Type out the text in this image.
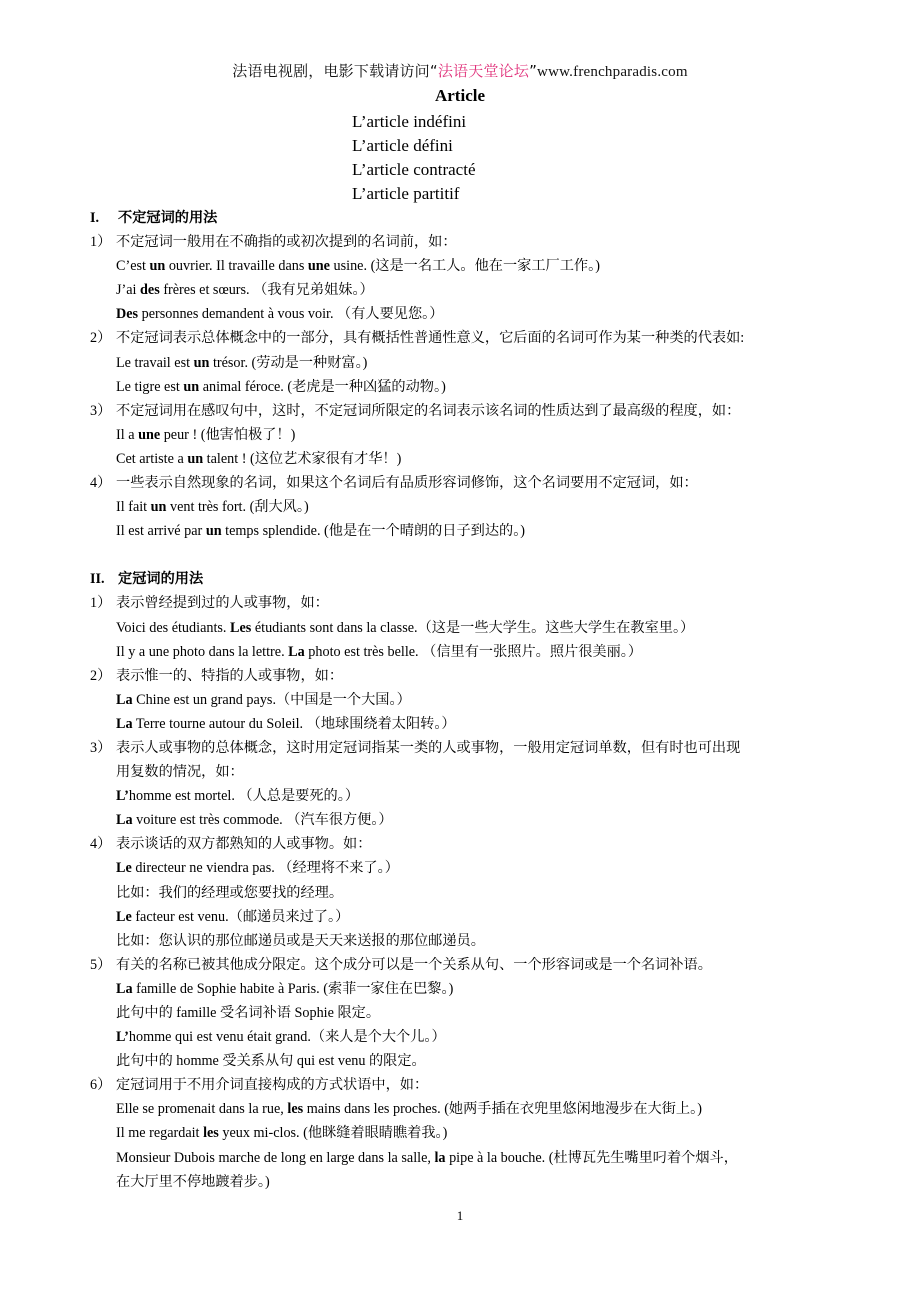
法语电视剧，电影下载请访问“法语天堂论坛”www.frenchparadis.com
Article
L’article indéfini
L’article défini
L’article contracté
L’article partitif
I. 不定冠词的用法
1） 不定冠词一般用在不确指的或初次提到的名词前，如：
C’est un ouvrier. Il travaille dans une usine. (这是一名工人。他在一家工厂工作。)
J’ai des frères et sœurs. （我有兄弟姐妹。）
Des personnes demandent à vous voir. （有人要见您。）
2） 不定冠词表示总体概念中的一部分，具有概括性普通性意义，它后面的名词可作为某一种类的代表如:
Le travail est un trésor. (劳动是一种财富。)
Le tigre est un animal féroce. (老虎是一种凶猛的动物。)
3） 不定冠词用在感叹句中，这时，不定冠词所限定的名词表示该名词的性质达到了最高级的程度，如：
Il a une peur ! (他害怕极了！)
Cet artiste a un talent ! (这位艺术家很有才华！)
4） 一些表示自然现象的名词，如果这个名词后有品质形容词修饰，这个名词要用不定冠词，如：
Il fait un vent très fort. (刮大风。)
Il est arrivé par un temps splendide. (他是在一个晴朗的日子到达的。)
II. 定冠词的用法
1） 表示曾经提到过的人或事物，如：
Voici des étudiants. Les étudiants sont dans la classe.（这是一些大学生。这些大学生在教室里。）
Il y a une photo dans la lettre. La photo est très belle. （信里有一张照片。照片很美丽。）
2） 表示惟一的、特指的人或事物，如：
La Chine est un grand pays.（中国是一个大国。）
La Terre tourne autour du Soleil. （地球围绕着太阳转。）
3） 表示人或事物的总体概念，这时用定冠词指某一类的人或事物，一般用定冠词单数，但有时也可出现
用复数的情况，如：
L’homme est mortel. （人总是要死的。）
La voiture est très commode. （汽车很方便。）
4） 表示谈话的双方都熟知的人或事物。如：
Le directeur ne viendra pas. （经理将不来了。）
比如：我们的经理或您要找的经理。
Le facteur est venu.（邮递员来过了。）
比如：您认识的那位邮递员或是天天来送报的那位邮递员。
5） 有关的名称已被其他成分限定。这个成分可以是一个关系从句、一个形容词或是一个名词补语。
La famille de Sophie habite à Paris. (索菲一家住在巴黎。)
此句中的 famille 受名词补语 Sophie 限定。
L’homme qui est venu était grand.（来人是个大个儿。）
此句中的 homme 受关系从句 qui est venu 的限定。
6） 定冠词用于不用介词直接构成的方式状语中，如：
Elle se promenait dans la rue, les mains dans les proches. (她两手插在衣兜里悠闲地漫步在大街上。)
Il me regardait les yeux mi-clos. (他眯缝着眼睛瞧着我。)
Monsieur Dubois marche de long en large dans la salle, la pipe à la bouche. (杜博瓦先生嘴里叼着个烟斗，
在大厅里不停地踱着步。)
1
